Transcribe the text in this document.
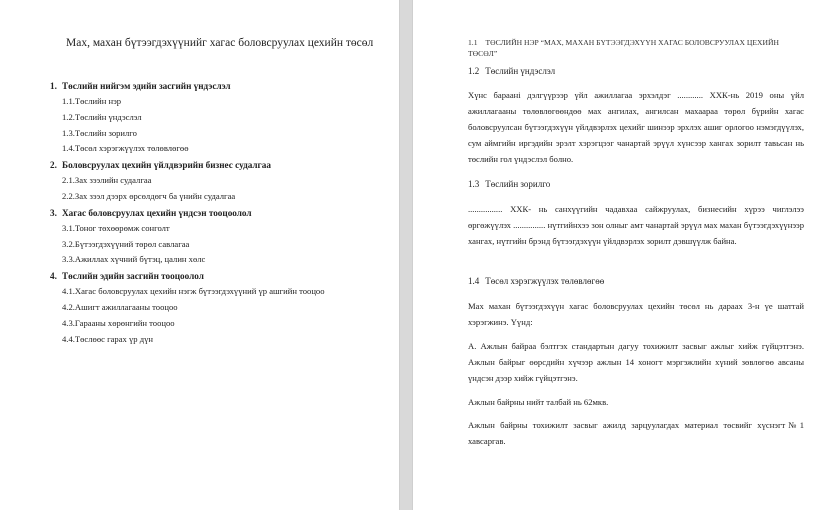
Мах, махан бүтээгдэхүүнийг хагас боловсруулах цехийн төсөл
1. Төслийн нийгэм эдийн засгийн үндэслэл
1.1.Төслийн нэр
1.2.Төслийн үндэслэл
1.3.Төслийн зорилго
1.4.Төсөл хэрэгжүүлэх төлөвлөгөө
2. Боловсруулах цехийн үйлдвэрийн бизнес судалгаа
2.1.Зах зээлийн судалгаа
2.2.Зах зээл дээрх өрсөлдөгч ба үнийн судалгаа
3. Хагас боловсруулах цехийн үндсэн тооцоолол
3.1.Тоног төхөөрөмж сонголт
3.2.Бүтээгдэхүүний төрөл савлагаа
3.3.Ажиллах хүчний бүтэц, цалин хөлс
4. Төслийн эдийн засгийн тооцоолол
4.1.Хагас боловсруулах цехийн нэгж бүтээгдэхүүний үр ашгийн тооцоо
4.2.Ашигт ажиллагааны тооцоо
4.3.Гарааны хөрөнгийн тооцоо
4.4.Төслөөс гарах үр дүн
1.1 ТӨСЛИЙН НЭР “МАХ, МАХАН БҮТЭЭГДЭХҮҮН ХАГАС БОЛОВСРУУЛАХ ЦЕХИЙН ТӨСӨЛ”
1.2 Төслийн үндэслэл
Хүнс бараанi дэлгүүрээр үйл ажиллагаа эрхэлдэг ............ ХХК-нь 2019 оны үйл ажиллагааны төлөвлөгөөндөө мах ангилах, ангилсан махаараа төрөл бүрийн хагас боловсруулсан бүтээгдэхүүн үйлдвэрлэх цехийг шинээр эрхлэх ашиг орлогоо нэмэгдүүлэх, сум аймгийн иргэдийн эрэлт хэрэгцээг чанартай эрүүл хүнсээр хангах зорилт тавьсан нь төслийн гол үндэслэл болно.
1.3 Төслийн зорилго
................ ХХК- нь санхүүгийн чадавхаа сайжруулах, бизнесийн хүрээ чиглэлээ өргөжүүлэх ............... нүтгийнхээ зон олныг амт чанартай эрүүл мах махан бүтээгдэхүүнээр хангах, нүтгийн брэнд бүтээгдэхүүн үйлдвэрлэх зорилт дэвшүүлж байна.
1.4 Төсөл хэрэгжүүлэх төлөвлөгөө
Мах махан бүтээгдэхүүн хагас боловсруулах цехийн төсөл нь дараах 3-н үе шаттай хэрэгжинэ. Үүнд:
А. Ажлын байраа бэлтгэх стандартын дагуу тохижилт засвыг ажлыг хийж гүйцэтгэнэ. Ажлын байрыг өөрсдийн хүчээр ажлын 14 хоногт мэргэжлийн хүний зөвлөгөө авсаны үндсэн дээр хийж гүйцэтгэнэ.
Ажлын байрны нийт талбай нь 62мкв.
Ажлын байрны тохижилт засвыг ажилд зарцуулагдах материал төсвийг хүснэгт№1 хавсаргав.
